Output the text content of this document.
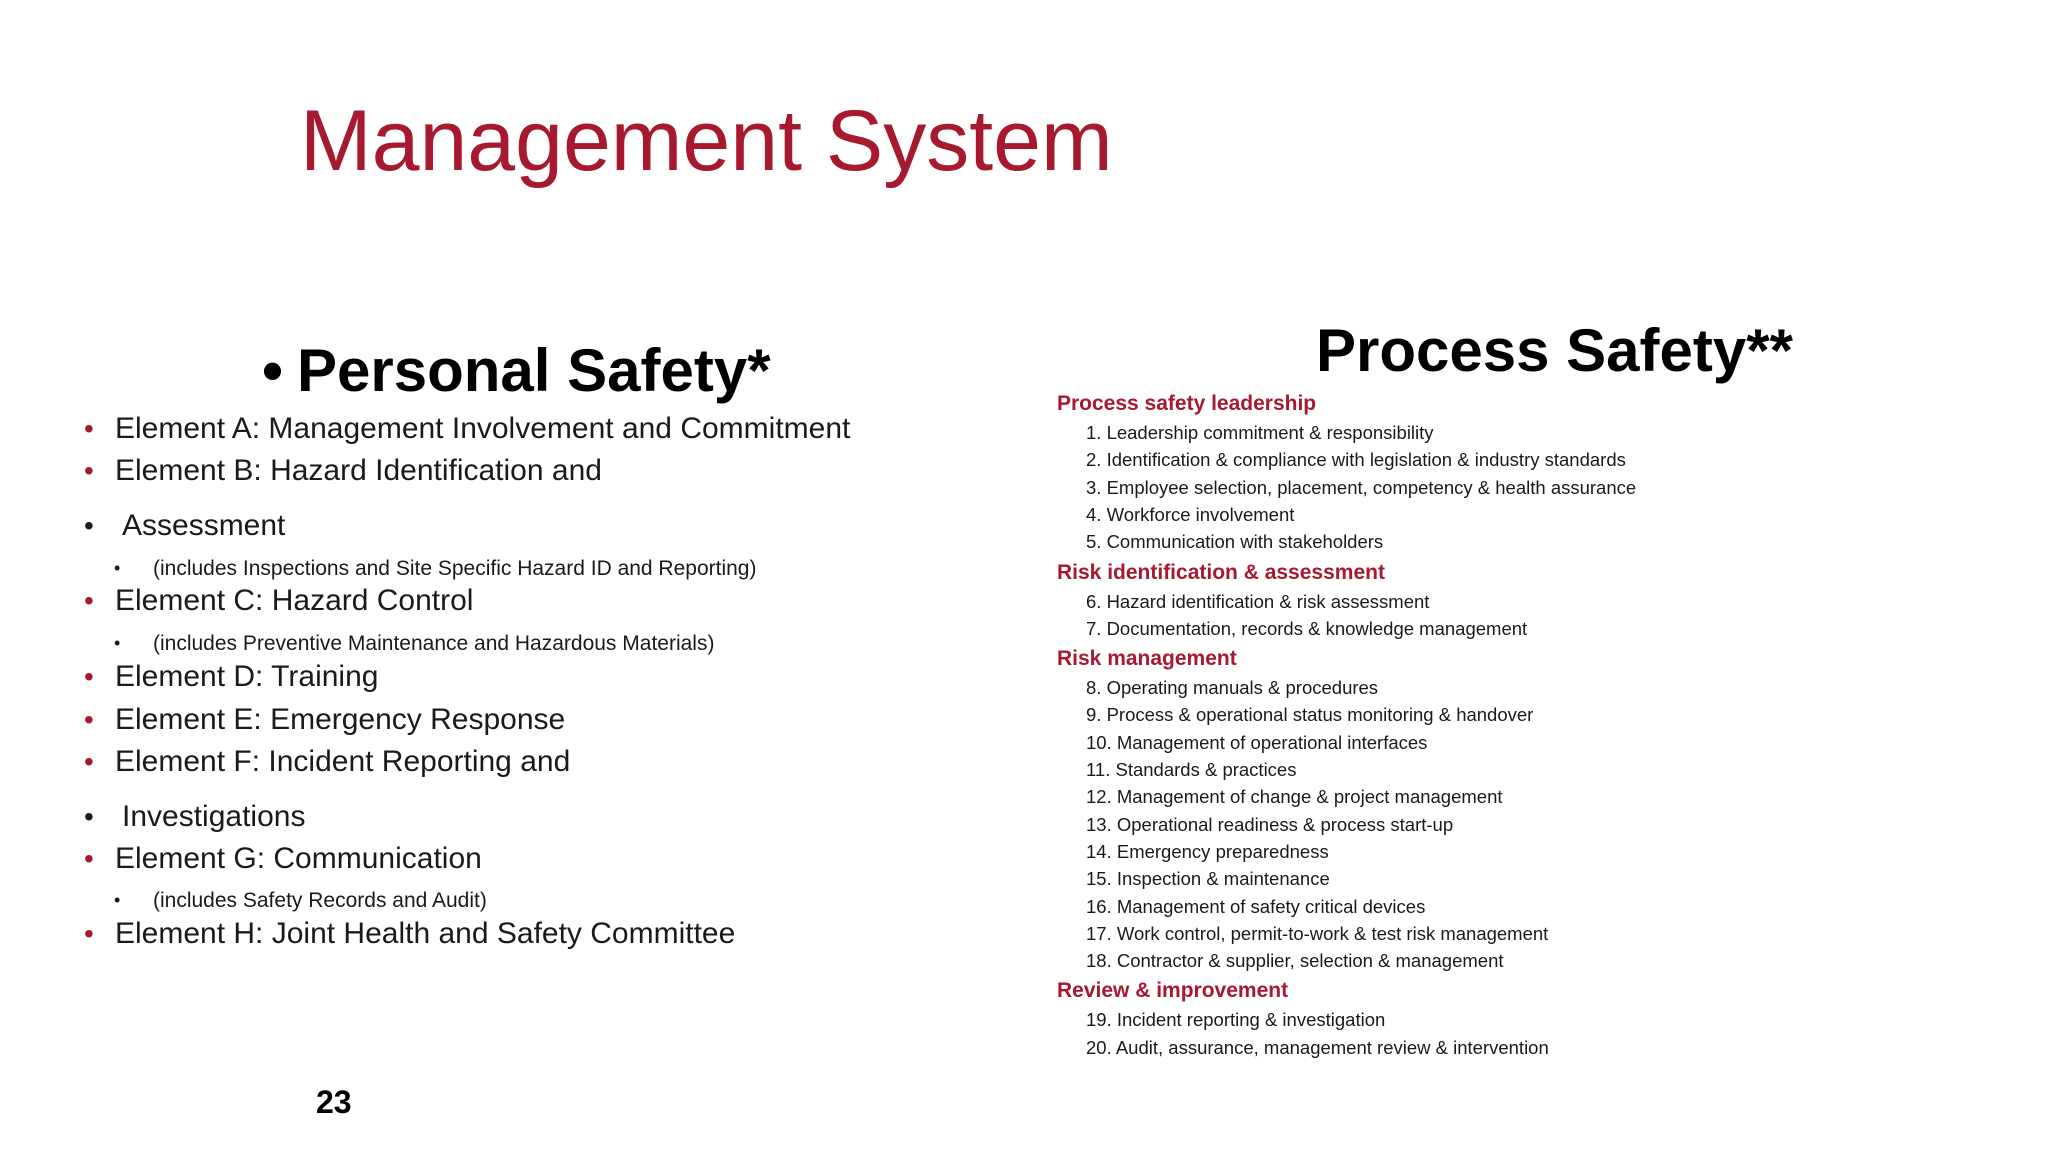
Management System
• Personal Safety*
• Element A: Management Involvement and Commitment
• Element B: Hazard Identification and
• Assessment
• (includes Inspections and Site Specific Hazard ID and Reporting)
• Element C: Hazard Control
• (includes Preventive Maintenance and Hazardous Materials)
• Element D: Training
• Element E: Emergency Response
• Element F: Incident Reporting and
• Investigations
• Element G: Communication
• (includes Safety Records and Audit)
• Element H: Joint Health and Safety Committee
23
Process Safety**
Process safety leadership
1. Leadership commitment & responsibility
2. Identification & compliance with legislation & industry standards
3. Employee selection, placement, competency & health assurance
4. Workforce involvement
5. Communication with stakeholders
Risk identification & assessment
6. Hazard identification & risk assessment
7. Documentation, records & knowledge management
Risk management
8. Operating manuals & procedures
9. Process & operational status monitoring & handover
10. Management of operational interfaces
11. Standards & practices
12. Management of change & project management
13. Operational readiness & process start-up
14. Emergency preparedness
15. Inspection & maintenance
16. Management of safety critical devices
17. Work control, permit-to-work & test risk management
18. Contractor & supplier, selection & management
Review & improvement
19. Incident reporting & investigation
20. Audit, assurance, management review & intervention
